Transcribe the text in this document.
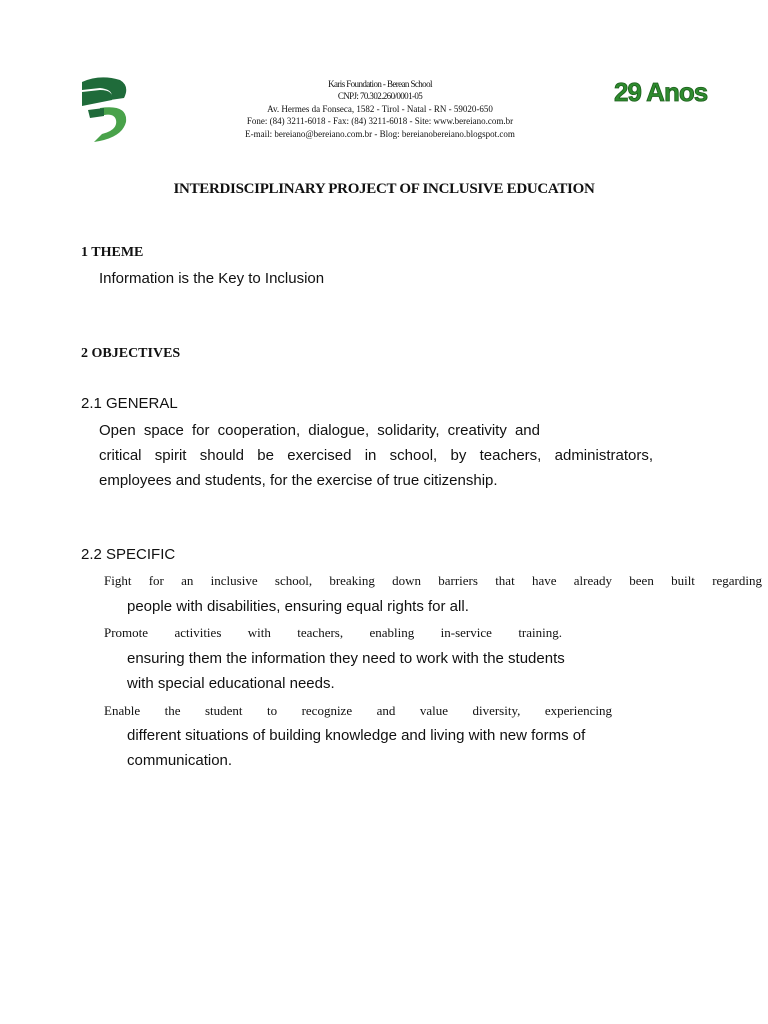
Karis Foundation - Berean School
CNPJ: 70.302.260/0001-05
Av. Hermes da Fonseca, 1582 - Tirol - Natal - RN - 59020-650
Fone: (84) 3211-6018 - Fax: (84) 3211-6018 - Site: www.bereiano.com.br
E-mail: bereiano@bereiano.com.br - Blog: bereianobereiano.blogspot.com
29 Anos
INTERDISCIPLINARY PROJECT OF INCLUSIVE EDUCATION
1 THEME
Information is the Key to Inclusion
2 OBJECTIVES
2.1 GENERAL
Open space for cooperation, dialogue, solidarity, creativity and
critical spirit should be exercised in school, by teachers, administrators,
employees and students, for the exercise of true citizenship.
2.2 SPECIFIC
Fight for an inclusive school, breaking down barriers that have already been built regarding
people with disabilities, ensuring equal rights for all.
Promote activities with teachers, enabling in-service training.
ensuring them the information they need to work with the students
with special educational needs.
Enable the student to recognize and value diversity, experiencing
different situations of building knowledge and living with new forms of
communication.
